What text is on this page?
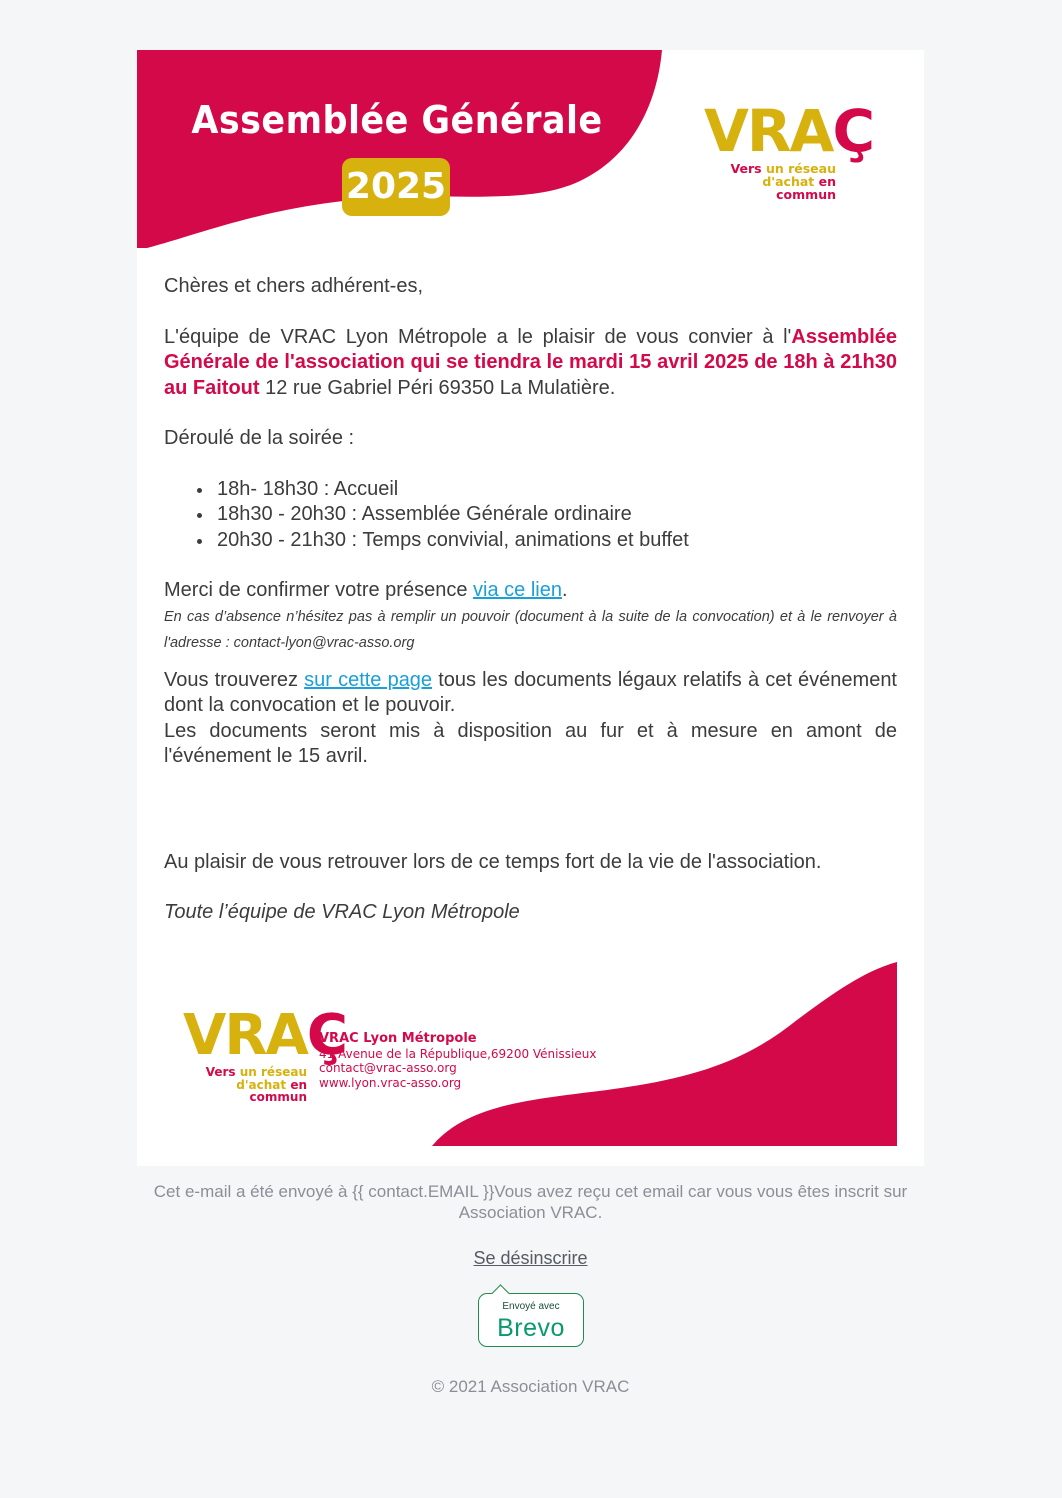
Assemblée Générale
2025
VRAÇ
Vers un réseau
d'achat en commun
VRAÇ
Vers un réseau
d'achat en commun
VRAC Lyon Métropole
41 Avenue de la République,69200 Vénissieux
contact@vrac-asso.org
www.lyon.vrac-asso.org

Chères et chers adhérent-es,

L'équipe de VRAC Lyon Métropole a le plaisir de vous convier à l'Assemblée Générale de l'association qui se tiendra le mardi 15 avril 2025 de 18h à 21h30 au Faitout 12 rue Gabriel Péri 69350 La Mulatière.

Déroulé de la soirée :

18h- 18h30 : Accueil
18h30 - 20h30 : Assemblée Générale ordinaire
20h30 - 21h30 : Temps convivial, animations et buffet

Merci de confirmer votre présence via ce lien.

En cas d’absence n’hésitez pas à remplir un pouvoir (document à la suite de la convocation) et à le renvoyer à l'adresse : contact-lyon@vrac-asso.org

Vous trouverez sur cette page tous les documents légaux relatifs à cet événement dont la convocation et le pouvoir.

Les documents seront mis à disposition au fur et à mesure en amont de l'événement le 15 avril.

Au plaisir de vous retrouver lors de ce temps fort de la vie de l'association.

Toute l’équipe de VRAC Lyon Métropole

Cet e-mail a été envoyé à {{ contact.EMAIL }}Vous avez reçu cet email car vous vous êtes inscrit sur Association VRAC.
Se désinscrire
Envoyé avec
Brevo
© 2021 Association VRAC
